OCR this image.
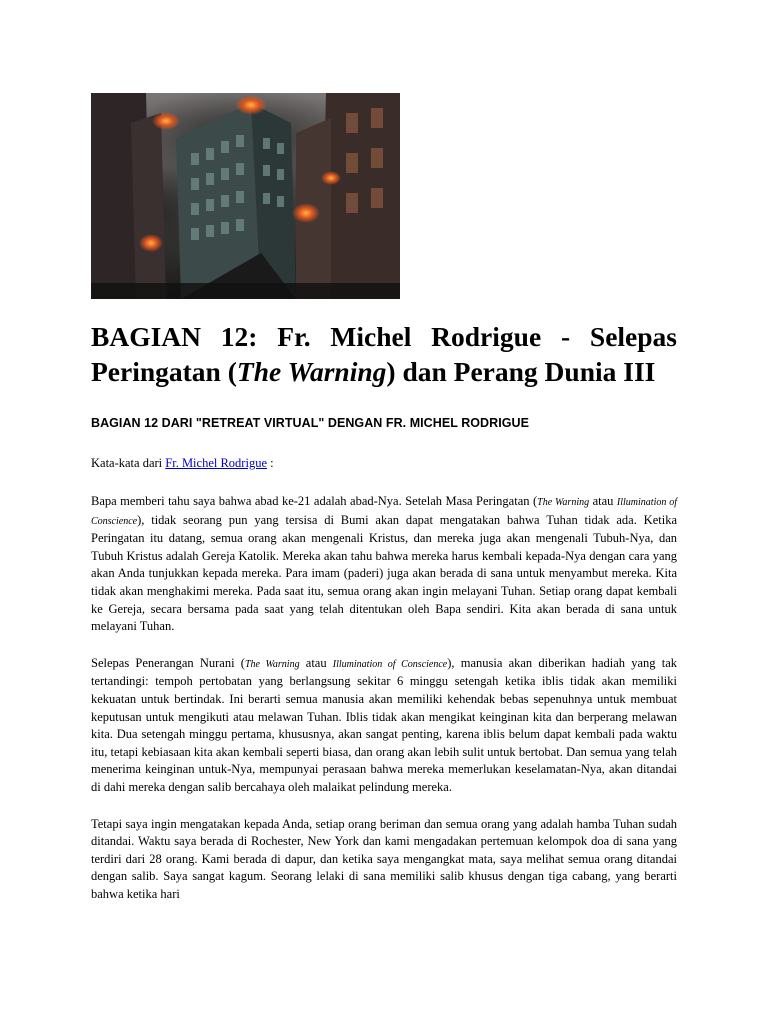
BAGIAN 12: Fr. Michel Rodrigue - Selepas Peringatan (The Warning) dan Perang Dunia III
BAGIAN 12 DARI "RETREAT VIRTUAL" DENGAN FR. MICHEL RODRIGUE
Kata-kata dari Fr. Michel Rodrigue :

Bapa memberi tahu saya bahwa abad ke-21 adalah abad-Nya. Setelah Masa Peringatan (The Warning atau Illumination of Conscience), tidak seorang pun yang tersisa di Bumi akan dapat mengatakan bahwa Tuhan tidak ada. Ketika Peringatan itu datang, semua orang akan mengenali Kristus, dan mereka juga akan mengenali Tubuh-Nya, dan Tubuh Kristus adalah Gereja Katolik. Mereka akan tahu bahwa mereka harus kembali kepada-Nya dengan cara yang akan Anda tunjukkan kepada mereka. Para imam (paderi) juga akan berada di sana untuk menyambut mereka. Kita tidak akan menghakimi mereka. Pada saat itu, semua orang akan ingin melayani Tuhan. Setiap orang dapat kembali ke Gereja, secara bersama pada saat yang telah ditentukan oleh Bapa sendiri. Kita akan berada di sana untuk melayani Tuhan.

Selepas Penerangan Nurani (The Warning atau Illumination of Conscience), manusia akan diberikan hadiah yang tak tertandingi: tempoh pertobatan yang berlangsung sekitar 6 minggu setengah ketika iblis tidak akan memiliki kekuatan untuk bertindak. Ini berarti semua manusia akan memiliki kehendak bebas sepenuhnya untuk membuat keputusan untuk mengikuti atau melawan Tuhan. Iblis tidak akan mengikat keinginan kita dan berperang melawan kita. Dua setengah minggu pertama, khususnya, akan sangat penting, karena iblis belum dapat kembali pada waktu itu, tetapi kebiasaan kita akan kembali seperti biasa, dan orang akan lebih sulit untuk bertobat. Dan semua yang telah menerima keinginan untuk-Nya, mempunyai perasaan bahwa mereka memerlukan keselamatan-Nya, akan ditandai di dahi mereka dengan salib bercahaya oleh malaikat pelindung mereka.

Tetapi saya ingin mengatakan kepada Anda, setiap orang beriman dan semua orang yang adalah hamba Tuhan sudah ditandai. Waktu saya berada di Rochester, New York dan kami mengadakan pertemuan kelompok doa di sana yang terdiri dari 28 orang. Kami berada di dapur, dan ketika saya mengangkat mata, saya melihat semua orang ditandai dengan salib. Saya sangat kagum. Seorang lelaki di sana memiliki salib khusus dengan tiga cabang, yang berarti bahwa ketika hari
